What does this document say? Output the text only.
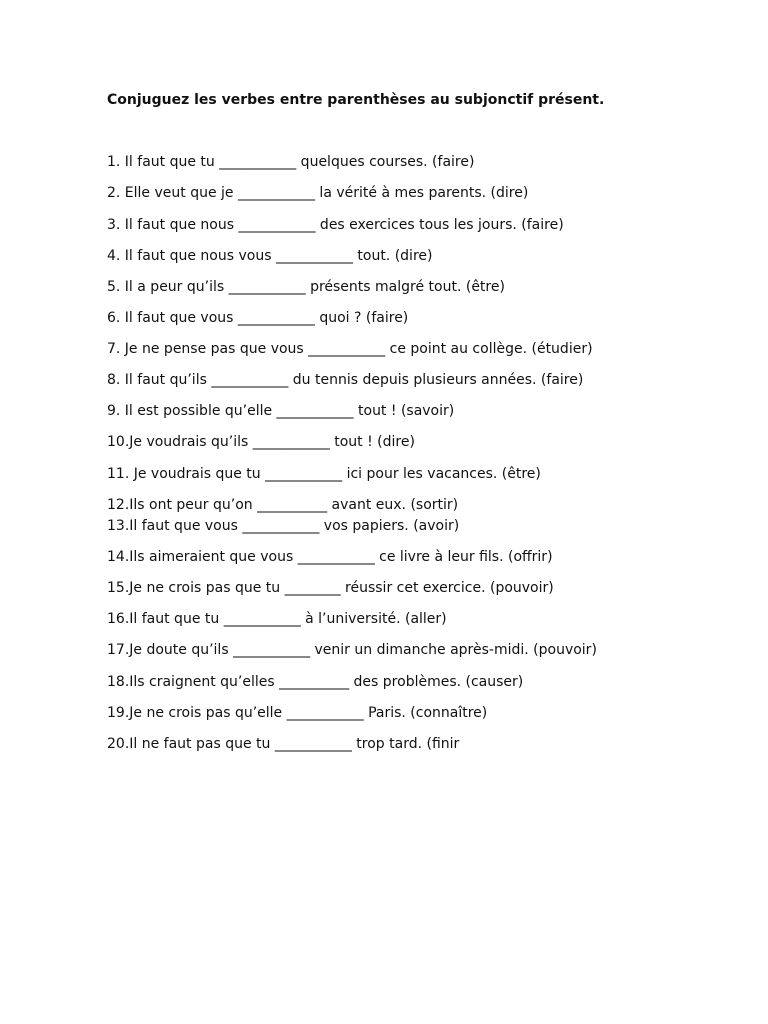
Conjuguez les verbes entre parenthèses au subjonctif présent.
1. Il faut que tu ___________ quelques courses. (faire)
2. Elle veut que je ___________ la vérité à mes parents. (dire)
3. Il faut que nous ___________ des exercices tous les jours. (faire)
4. Il faut que nous vous ___________ tout. (dire)
5. Il a peur qu’ils ___________ présents malgré tout. (être)
6. Il faut que vous ___________ quoi ? (faire)
7. Je ne pense pas que vous ___________ ce point au collège. (étudier)
8. Il faut qu’ils ___________ du tennis depuis plusieurs années. (faire)
9. Il est possible qu’elle ___________ tout ! (savoir)
10.Je voudrais qu’ils ___________ tout ! (dire)
11. Je voudrais que tu ___________ ici pour les vacances. (être)
12.Ils ont peur qu’on __________ avant eux. (sortir)
13.Il faut que vous ___________ vos papiers. (avoir)
14.Ils aimeraient que vous ___________ ce livre à leur fils. (offrir)
15.Je ne crois pas que tu ________ réussir cet exercice. (pouvoir)
16.Il faut que tu ___________ à l’université. (aller)
17.Je doute qu’ils ___________ venir un dimanche après-midi. (pouvoir)
18.Ils craignent qu’elles __________ des problèmes. (causer)
19.Je ne crois pas qu’elle ___________ Paris. (connaître)
20.Il ne faut pas que tu ___________ trop tard. (finir
